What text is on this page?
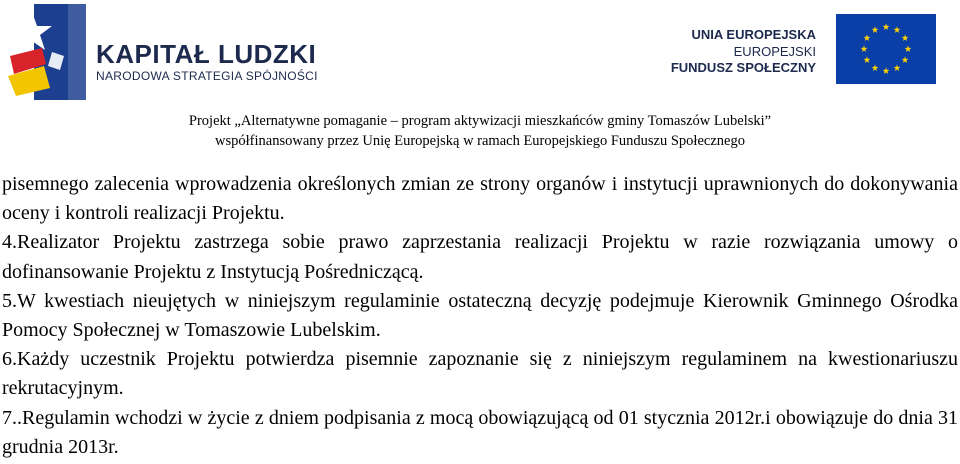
KAPITAŁ LUDZKI
NARODOWA STRATEGIA SPÓJNOŚCI
UNIA EUROPEJSKA
EUROPEJSKI
FUNDUSZ SPOŁECZNY
Projekt „Alternatywne pomaganie – program aktywizacji mieszkańców gminy Tomaszów Lubelski”
współfinansowany przez Unię Europejską w ramach Europejskiego Funduszu Społecznego

pisemnego zalecenia wprowadzenia określonych zmian ze strony organów i instytucji uprawnionych do dokonywania oceny i kontroli realizacji Projektu.

4.Realizator Projektu zastrzega sobie prawo zaprzestania realizacji Projektu w razie rozwiązania umowy o dofinansowanie Projektu z Instytucją Pośredniczącą.

5.W kwestiach nieujętych w niniejszym regulaminie ostateczną decyzję podejmuje Kierownik Gminnego Ośrodka Pomocy Społecznej w Tomaszowie Lubelskim.

6.Każdy uczestnik Projektu potwierdza pisemnie zapoznanie się z niniejszym regulaminem na kwestionariuszu rekrutacyjnym.

7..Regulamin wchodzi w życie z dniem podpisania z mocą obowiązującą od 01 stycznia 2012r.i obowiązuje do dnia 31 grudnia 2013r.
